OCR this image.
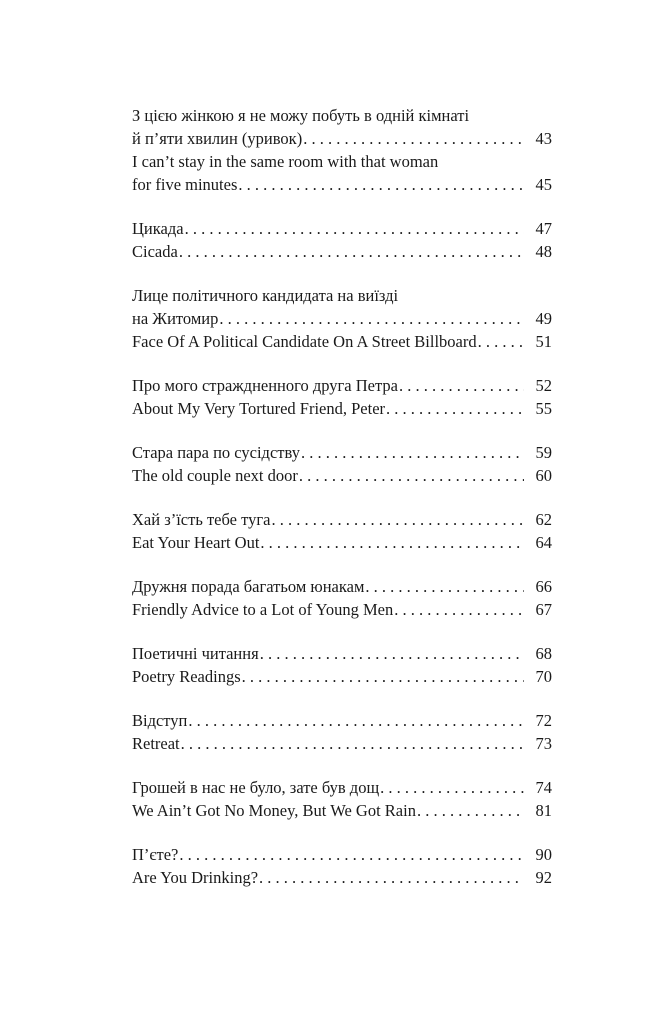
З цією жінкою я не можу побуть в одній кімнаті
й п’яти хвилин (уривок) . . .	43
I can’t stay in the same room with that woman
for five minutes . . .	45
Цикада . . .	47
Cicada . . .	48
Лице політичного кандидата на виїзді
на Житомир . . .	49
Face Of A Political Candidate On A Street Billboard . . .	51
Про мого страждненного друга Петра . . .	52
About My Very Tortured Friend, Peter . . .	55
Стара пара по сусідству . . .	59
The old couple next door . . .	60
Хай з’їсть тебе туга . . .	62
Eat Your Heart Out . . .	64
Дружня порада багатьом юнакам . . .	66
Friendly Advice to a Lot of Young Men . . .	67
Поетичні читання . . .	68
Poetry Readings . . .	70
Відступ . . .	72
Retreat . . .	73
Грошей в нас не було, зате був дощ . . .	74
We Ain’t Got No Money, But We Got Rain . . .	81
П’єте? . . .	90
Are You Drinking? . . .	92
